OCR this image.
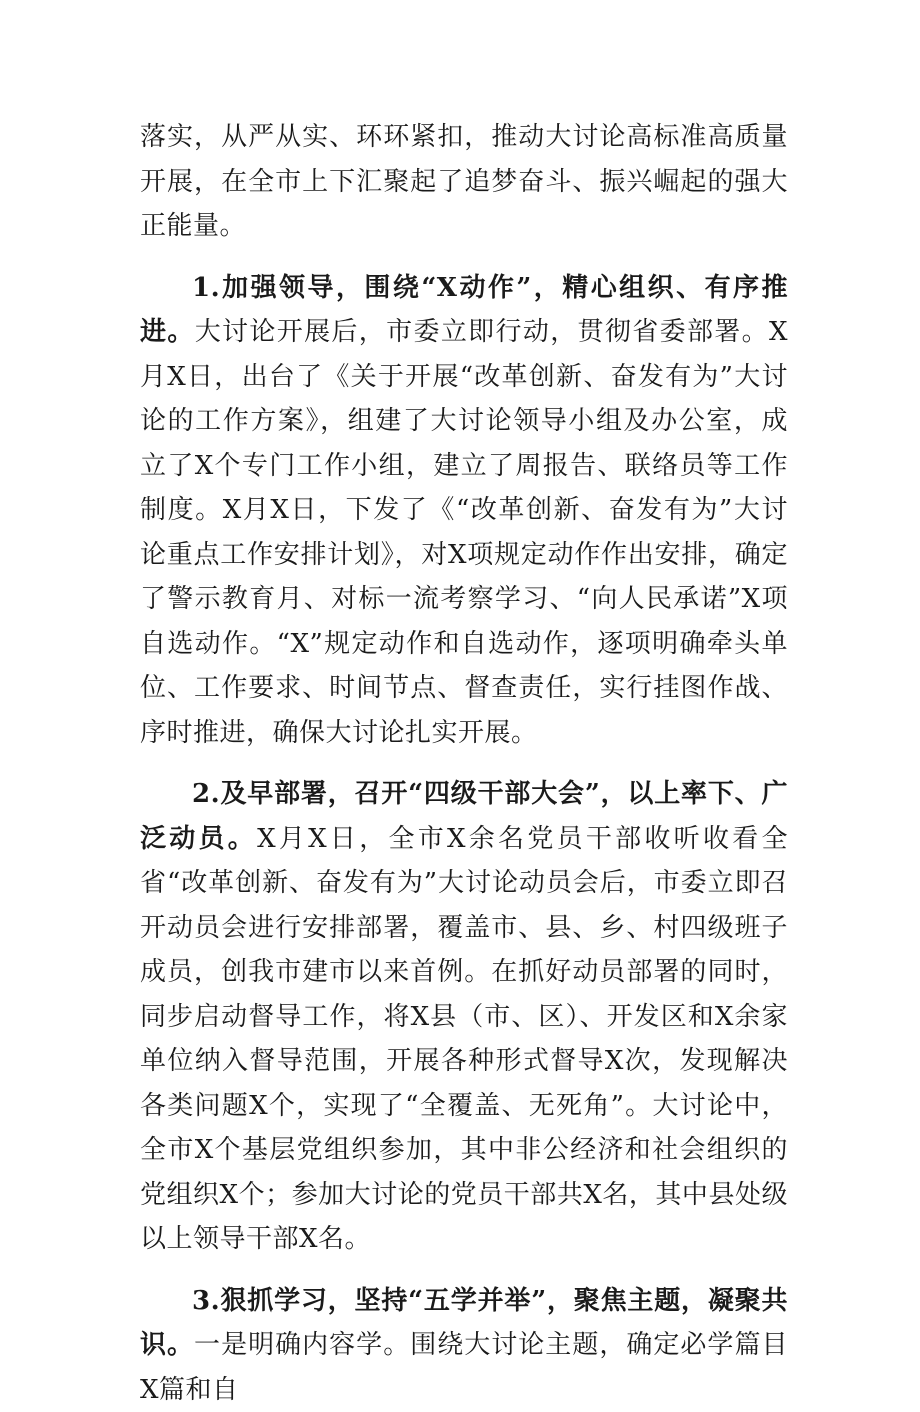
落实，从严从实、环环紧扣，推动大讨论高标准高质量开展，在全市上下汇聚起了追梦奋斗、振兴崛起的强大正能量。

1.加强领导，围绕“X动作”，精心组织、有序推进。大讨论开展后，市委立即行动，贯彻省委部署。X月X日，出台了《关于开展“改革创新、奋发有为”大讨论的工作方案》，组建了大讨论领导小组及办公室，成立了X个专门工作小组，建立了周报告、联络员等工作制度。X月X日，下发了《“改革创新、奋发有为”大讨论重点工作安排计划》，对X项规定动作作出安排，确定了警示教育月、对标一流考察学习、“向人民承诺”X项自选动作。“X”规定动作和自选动作，逐项明确牵头单位、工作要求、时间节点、督查责任，实行挂图作战、序时推进，确保大讨论扎实开展。

2.及早部署，召开“四级干部大会”，以上率下、广泛动员。X月X日，全市X余名党员干部收听收看全省“改革创新、奋发有为”大讨论动员会后，市委立即召开动员会进行安排部署，覆盖市、县、乡、村四级班子成员，创我市建市以来首例。在抓好动员部署的同时，同步启动督导工作，将X县（市、区）、开发区和X余家单位纳入督导范围，开展各种形式督导X次，发现解决各类问题X个，实现了“全覆盖、无死角”。大讨论中，全市X个基层党组织参加，其中非公经济和社会组织的党组织X个；参加大讨论的党员干部共X名，其中县处级以上领导干部X名。

3.狠抓学习，坚持“五学并举”，聚焦主题，凝聚共识。一是明确内容学。围绕大讨论主题，确定必学篇目X篇和自
